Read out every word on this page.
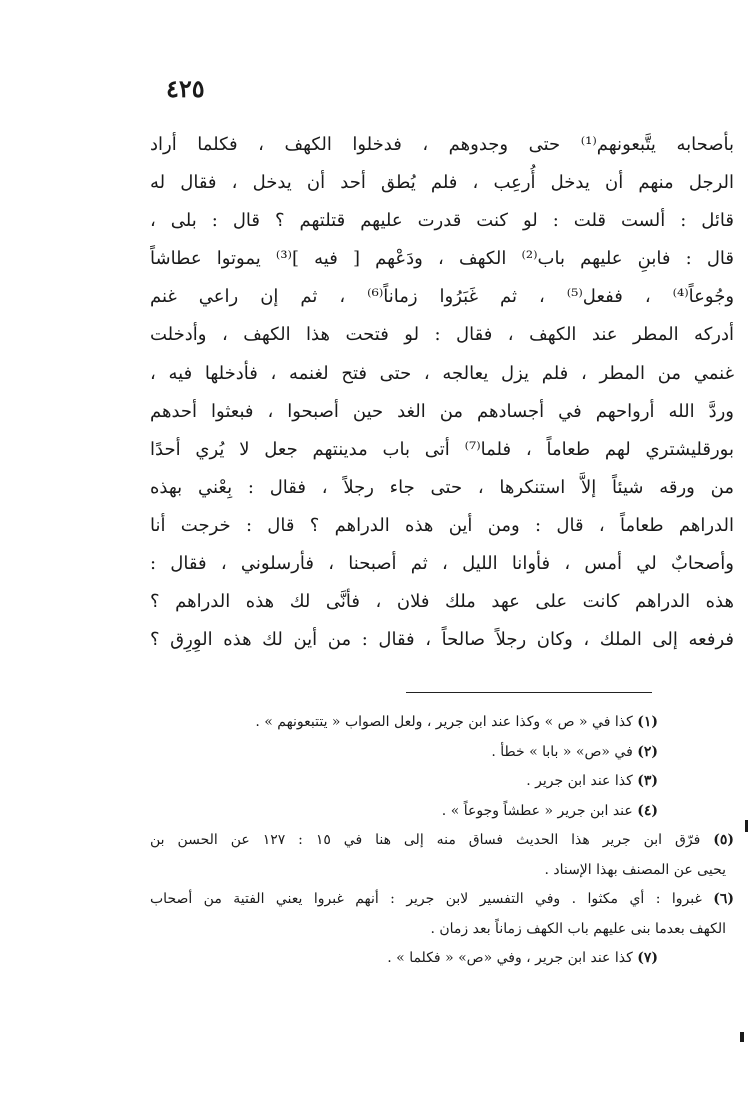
٤٢٥
بأصحابه يتَّبعونهم⁽¹⁾ حتى وجدوهم ، فدخلوا الكهف ، فكلما أراد
الرجل منهم أن يدخل أُرعِب ، فلم يُطق أحد أن يدخل ، فقال له
قائل : ألست قلت : لو كنت قدرت عليهم قتلتهم ؟ قال : بلى ،
قال : فابنِ عليهم باب⁽²⁾ الكهف ، ودَعْهم [ فيه ]⁽³⁾ يموتوا عطاشاً
وجُوعاً⁽⁴⁾ ، ففعل⁽⁵⁾ ، ثم غَبَرُوا زماناً⁽⁶⁾ ، ثم إن راعي غنم
أدركه المطر عند الكهف ، فقال : لو فتحت هذا الكهف ، وأدخلت
غنمي من المطر ، فلم يزل يعالجه ، حتى فتح لغنمه ، فأدخلها فيه ،
وردَّ الله أرواحهم في أجسادهم من الغد حين أصبحوا ، فبعثوا أحدهم
بورقليشتري لهم طعاماً ، فلما⁽⁷⁾ أتى باب مدينتهم جعل لا يُري أحدًا
من ورقه شيئاً إلاَّ استنكرها ، حتى جاء رجلاً ، فقال : بِعْني بهذه
الدراهم طعاماً ، قال : ومن أين هذه الدراهم ؟ قال : خرجت أنا
وأصحابٌ لي أمس ، فأوانا الليل ، ثم أصبحنا ، فأرسلوني ، فقال :
هذه الدراهم كانت على عهد ملك فلان ، فأنَّى لك هذه الدراهم ؟
فرفعه إلى الملك ، وكان رجلاً صالحاً ، فقال : من أين لك هذه الوِرِق ؟
(١) كذا في « ص » وكذا عند ابن جرير ، ولعل الصواب « يتتبعونهم » .
(٢) في «ص» « بابا » خطأ .
(٣) كذا عند ابن جرير .
(٤) عند ابن جرير « عطشاً وجوعاً » .
(٥) فرّق ابن جرير هذا الحديث فساق منه إلى هنا في ١٥ : ١٢٧ عن الحسن بن
يحيى عن المصنف بهذا الإسناد .
(٦) غبروا : أي مكثوا . وفي التفسير لابن جرير : أنهم غبروا يعني الفتية من أصحاب
الكهف بعدما بنى عليهم باب الكهف زماناً بعد زمان .
(٧) كذا عند ابن جرير ، وفي «ص» « فكلما » .
